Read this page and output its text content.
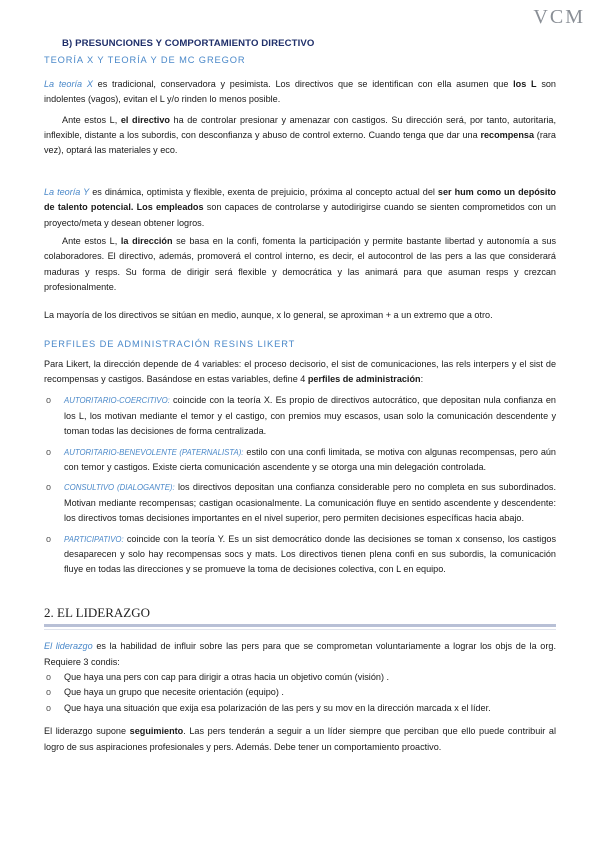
VCM
B) PRESUNCIONES Y COMPORTAMIENTO DIRECTIVO
TEORÍA X Y TEORÍA Y DE MC GREGOR

La teoría X es tradicional, conservadora y pesimista. Los directivos que se identifican con ella asumen que los L son indolentes (vagos), evitan el L y/o rinden lo menos posible.

Ante estos L, el directivo ha de controlar presionar y amenazar con castigos. Su dirección será, por tanto, autoritaria, inflexible, distante a los subordis, con desconfianza y abuso de control externo. Cuando tenga que dar una recompensa (rara vez), optará las materiales y eco.

La teoría Y es dinámica, optimista y flexible, exenta de prejuicio, próxima al concepto actual del ser hum como un depósito de talento potencial. Los empleados son capaces de controlarse y autodirigirse cuando se sienten comprometidos con un proyecto/meta y desean obtener logros.

Ante estos L, la dirección se basa en la confi, fomenta la participación y permite bastante libertad y autonomía a sus colaboradores. El directivo, además, promoverá el control interno, es decir, el autocontrol de las pers a las que considerará maduras y resps. Su forma de dirigir será flexible y democrática y las animará para que asuman resps y crezcan profesionalmente.

La mayoría de los directivos se sitúan en medio, aunque, x lo general, se aproximan + a un extremo que a otro.

PERFILES DE ADMINISTRACIÓN RESINS LIKERT

Para Likert, la dirección depende de 4 variables: el proceso decisorio, el sist de comunicaciones, las rels interpers y el sist de recompensas y castigos. Basándose en estas variables, define 4 perfiles de administración:

o AUTORITARIO-COERCITIVO: coincide con la teoría X. Es propio de directivos autocrático, que depositan nula confianza en los L, los motivan mediante el temor y el castigo, con premios muy escasos, usan solo la comunicación descendente y toman todas las decisiones de forma centralizada.
o AUTORITARIO-BENEVOLENTE (PATERNALISTA): estilo con una confi limitada, se motiva con algunas recompensas, pero aún con temor y castigos. Existe cierta comunicación ascendente y se otorga una min delegación controlada.
o CONSULTIVO (DIALOGANTE): los directivos depositan una confianza considerable pero no completa en sus subordinados. Motivan mediante recompensas; castigan ocasionalmente. La comunicación fluye en sentido ascendente y descendente: los directivos tomas decisiones importantes en el nivel superior, pero permiten decisiones específicas hacia abajo.
o PARTICIPATIVO: coincide con la teoría Y. Es un sist democrático donde las decisiones se toman x consenso, los castigos desaparecen y solo hay recompensas socs y mats. Los directivos tienen plena confi en sus subordis, la comunicación fluye en todas las direcciones y se promueve la toma de decisiones colectiva, con L en equipo.
2. EL LIDERAZGO

El liderazgo es la habilidad de influir sobre las pers para que se comprometan voluntariamente a lograr los objs de la org. Requiere 3 condis:

o Que haya una pers con cap para dirigir a otras hacia un objetivo común (visión) .
o Que haya un grupo que necesite orientación (equipo) .
o Que haya una situación que exija esa polarización de las pers y su mov en la dirección marcada x el líder.

El liderazgo supone seguimiento. Las pers tenderán a seguir a un líder siempre que perciban que ello puede contribuir al logro de sus aspiraciones profesionales y pers. Además. Debe tener un comportamiento proactivo.
